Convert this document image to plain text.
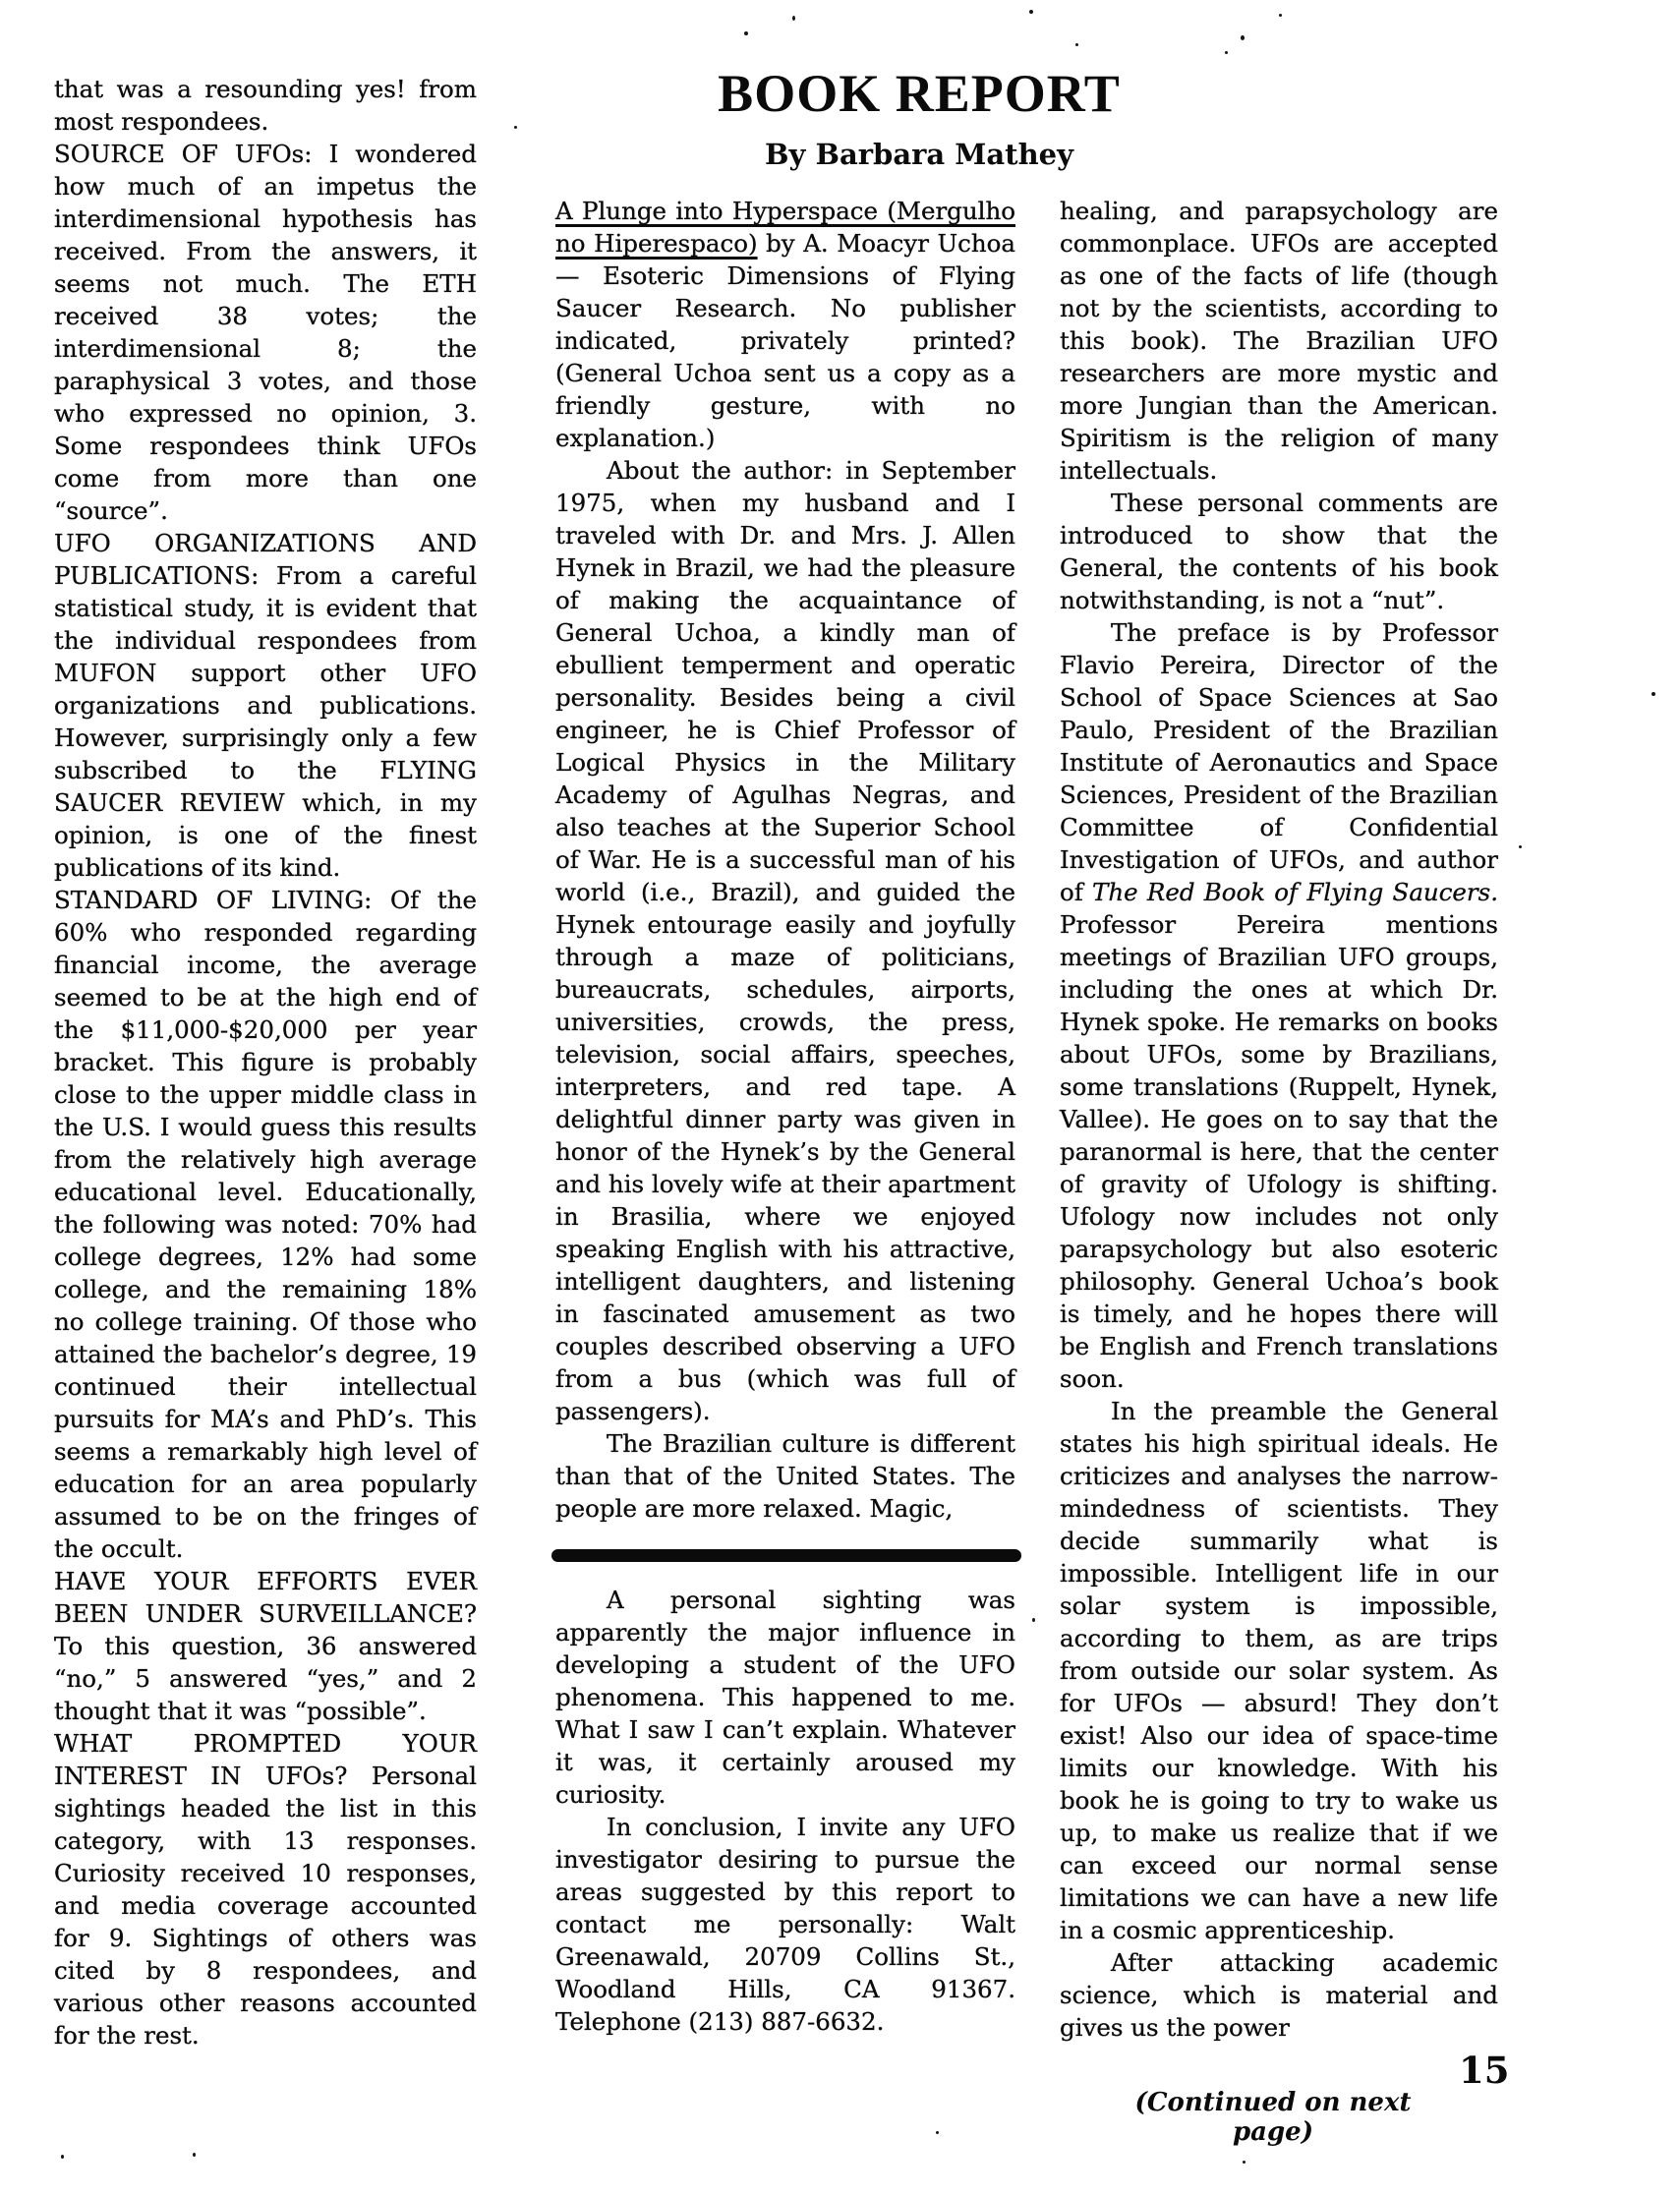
BOOK REPORT
By Barbara Mathey

that was a resounding yes! from most respondees.

SOURCE OF UFOs: I wondered how much of an impetus the interdimensional hypothesis has received. From the answers, it seems not much. The ETH received 38 votes; the interdimensional 8; the paraphysical 3 votes, and those who expressed no opinion, 3. Some respondees think UFOs come from more than one “source”.

UFO ORGANIZATIONS AND PUBLICATIONS: From a careful statistical study, it is evident that the individual respondees from MUFON support other UFO organizations and publications. However, surprisingly only a few subscribed to the FLYING SAUCER REVIEW which, in my opinion, is one of the finest publications of its kind.

STANDARD OF LIVING: Of the 60% who responded regarding financial income, the average seemed to be at the high end of the $11,000-$20,000 per year bracket. This figure is probably close to the upper middle class in the U.S. I would guess this results from the relatively high average educational level. Educationally, the following was noted: 70% had college degrees, 12% had some college, and the remaining 18% no college training. Of those who attained the bachelor’s degree, 19 continued their intellectual pursuits for MA’s and PhD’s. This seems a remarkably high level of education for an area popularly assumed to be on the fringes of the occult.

HAVE YOUR EFFORTS EVER BEEN UNDER SURVEILLANCE? To this question, 36 answered “no,” 5 answered “yes,” and 2 thought that it was “possible”.

WHAT PROMPTED YOUR INTEREST IN UFOs? Personal sightings headed the list in this category, with 13 responses. Curiosity received 10 responses, and media coverage accounted for 9. Sightings of others was cited by 8 respondees, and various other reasons accounted for the rest.

A Plunge into Hyperspace (Mergulho no Hiperespaco) by A. Moacyr Uchoa — Esoteric Dimensions of Flying Saucer Research. No publisher indicated, privately printed? (General Uchoa sent us a copy as a friendly gesture, with no explanation.)

About the author: in September 1975, when my husband and I traveled with Dr. and Mrs. J. Allen Hynek in Brazil, we had the pleasure of making the acquaintance of General Uchoa, a kindly man of ebullient temperment and operatic personality. Besides being a civil engineer, he is Chief Professor of Logical Physics in the Military Academy of Agulhas Negras, and also teaches at the Superior School of War. He is a successful man of his world (i.e., Brazil), and guided the Hynek entourage easily and joyfully through a maze of politicians, bureaucrats, schedules, airports, universities, crowds, the press, television, social affairs, speeches, interpreters, and red tape. A delightful dinner party was given in honor of the Hynek’s by the General and his lovely wife at their apartment in Brasilia, where we enjoyed speaking English with his attractive, intelligent daughters, and listening in fascinated amusement as two couples described observing a UFO from a bus (which was full of passengers).

The Brazilian culture is different than that of the United States. The people are more relaxed. Magic,

A personal sighting was apparently the major influence in developing a student of the UFO phenomena. This happened to me. What I saw I can’t explain. Whatever it was, it certainly aroused my curiosity.

In conclusion, I invite any UFO investigator desiring to pursue the areas suggested by this report to contact me personally: Walt Greenawald, 20709 Collins St., Woodland Hills, CA 91367. Telephone (213) 887-6632.

healing, and parapsychology are commonplace. UFOs are accepted as one of the facts of life (though not by the scientists, according to this book). The Brazilian UFO researchers are more mystic and more Jungian than the American. Spiritism is the religion of many intellectuals.

These personal comments are introduced to show that the General, the contents of his book notwithstanding, is not a “nut”.

The preface is by Professor Flavio Pereira, Director of the School of Space Sciences at Sao Paulo, President of the Brazilian Institute of Aeronautics and Space Sciences, President of the Brazilian Committee of Confidential Investigation of UFOs, and author of The Red Book of Flying Saucers. Professor Pereira mentions meetings of Brazilian UFO groups, including the ones at which Dr. Hynek spoke. He remarks on books about UFOs, some by Brazilians, some translations (Ruppelt, Hynek, Vallee). He goes on to say that the paranormal is here, that the center of gravity of Ufology is shifting. Ufology now includes not only parapsychology but also esoteric philosophy. General Uchoa’s book is timely, and he hopes there will be English and French translations soon.

In the preamble the General states his high spiritual ideals. He criticizes and analyses the narrow-mindedness of scientists. They decide summarily what is impossible. Intelligent life in our solar system is impossible, according to them, as are trips from outside our solar system. As for UFOs — absurd! They don’t exist! Also our idea of space-time limits our knowledge. With his book he is going to try to wake us up, to make us realize that if we can exceed our normal sense limitations we can have a new life in a cosmic apprenticeship.

After attacking academic science, which is material and gives us the power

15
(Continued on next page)
